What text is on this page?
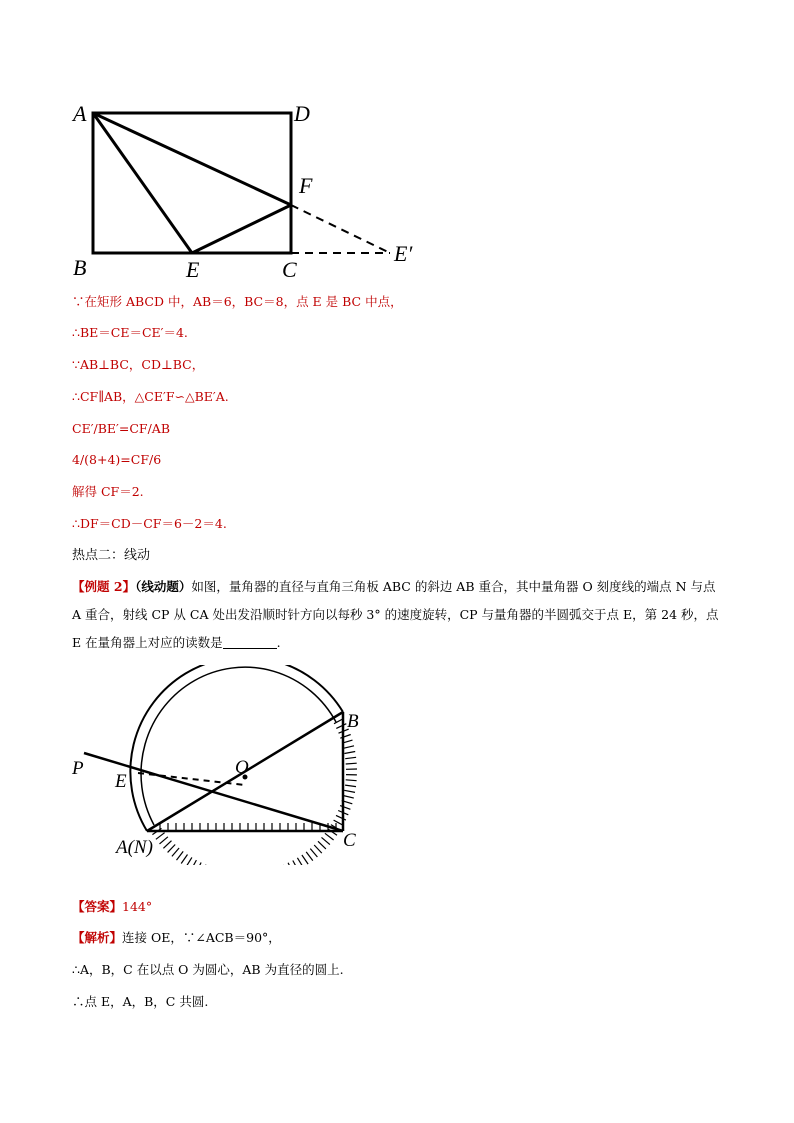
A	D
F
B	E	C
E′
∵在矩形 ABCD 中，AB＝6，BC＝8，点 E 是 BC 中点，
∴BE＝CE＝CE′＝4.
∵AB⊥BC，CD⊥BC，
∴CF∥AB，△CE′F∽△BE′A.
CE′/BE′=CF/AB
4/(8+4)=CF/6
解得 CF＝2.
∴DF＝CD－CF＝6－2＝4.
热点二：线动
【例题 2】（线动题）如图，量角器的直径与直角三角板 ABC 的斜边 AB 重合，其中量角器 O 刻度线的端点 N 与点 A 重合，射线 CP 从 CA 处出发沿顺时针方向以每秒 3° 的速度旋转，CP 与量角器的半圆弧交于点 E，第 24 秒，点 E 在量角器上对应的读数是	.
P
E
O
B
A(N)	C
【答案】144°
【解析】连接 OE，∵∠ACB＝90°，
∴A，B，C 在以点 O 为圆心，AB 为直径的圆上.
∴点 E，A，B，C 共圆.
